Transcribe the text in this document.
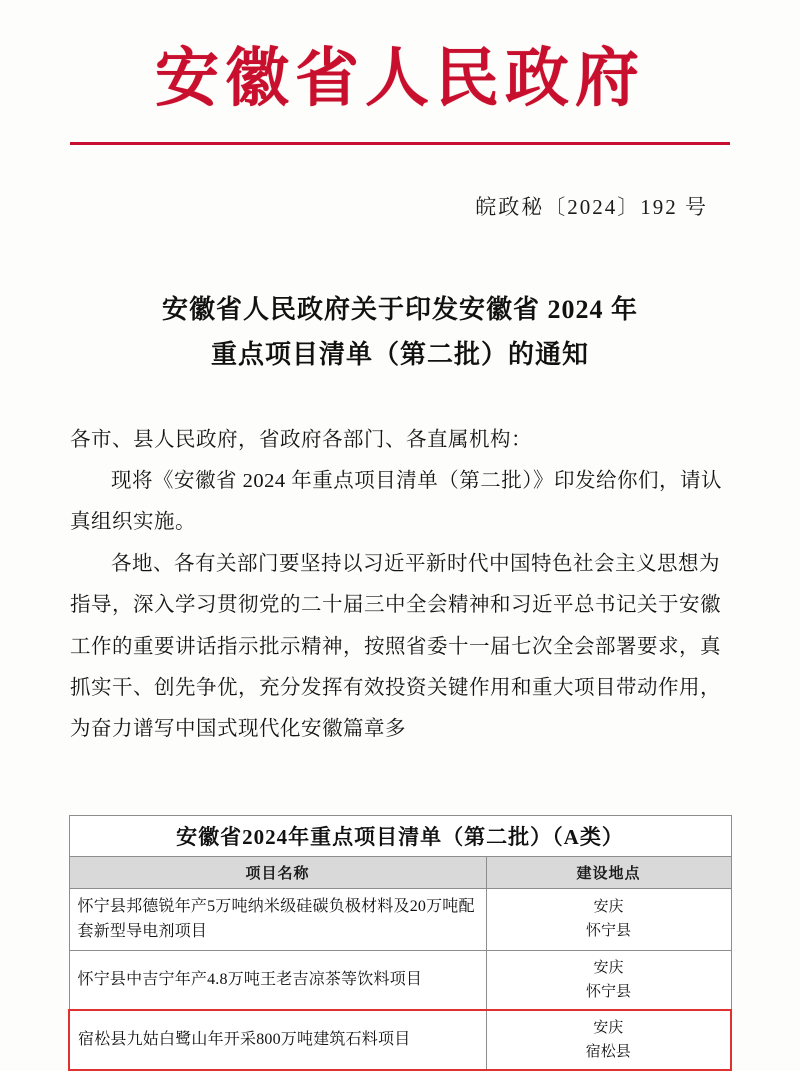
安徽省人民政府
皖政秘〔2024〕192 号
安徽省人民政府关于印发安徽省 2024 年
重点项目清单（第二批）的通知

各市、县人民政府，省政府各部门、各直属机构：

现将《安徽省 2024 年重点项目清单（第二批）》印发给你们，请认真组织实施。

各地、各有关部门要坚持以习近平新时代中国特色社会主义思想为指导，深入学习贯彻党的二十届三中全会精神和习近平总书记关于安徽工作的重要讲话指示批示精神，按照省委十一届七次全会部署要求，真抓实干、创先争优，充分发挥有效投资关键作用和重大项目带动作用，为奋力谱写中国式现代化安徽篇章多

安徽省2024年重点项目清单（第二批）（A类）	
项目名称	建设地点
怀宁县邦德锐年产5万吨纳米级硅碳负极材料及20万吨配套新型导电剂项目	安庆
怀宁县

怀宁县中吉宁年产4.8万吨王老吉凉茶等饮料项目	安庆
怀宁县

宿松县九姑白鹭山年开采800万吨建筑石料项目	安庆
宿松县
